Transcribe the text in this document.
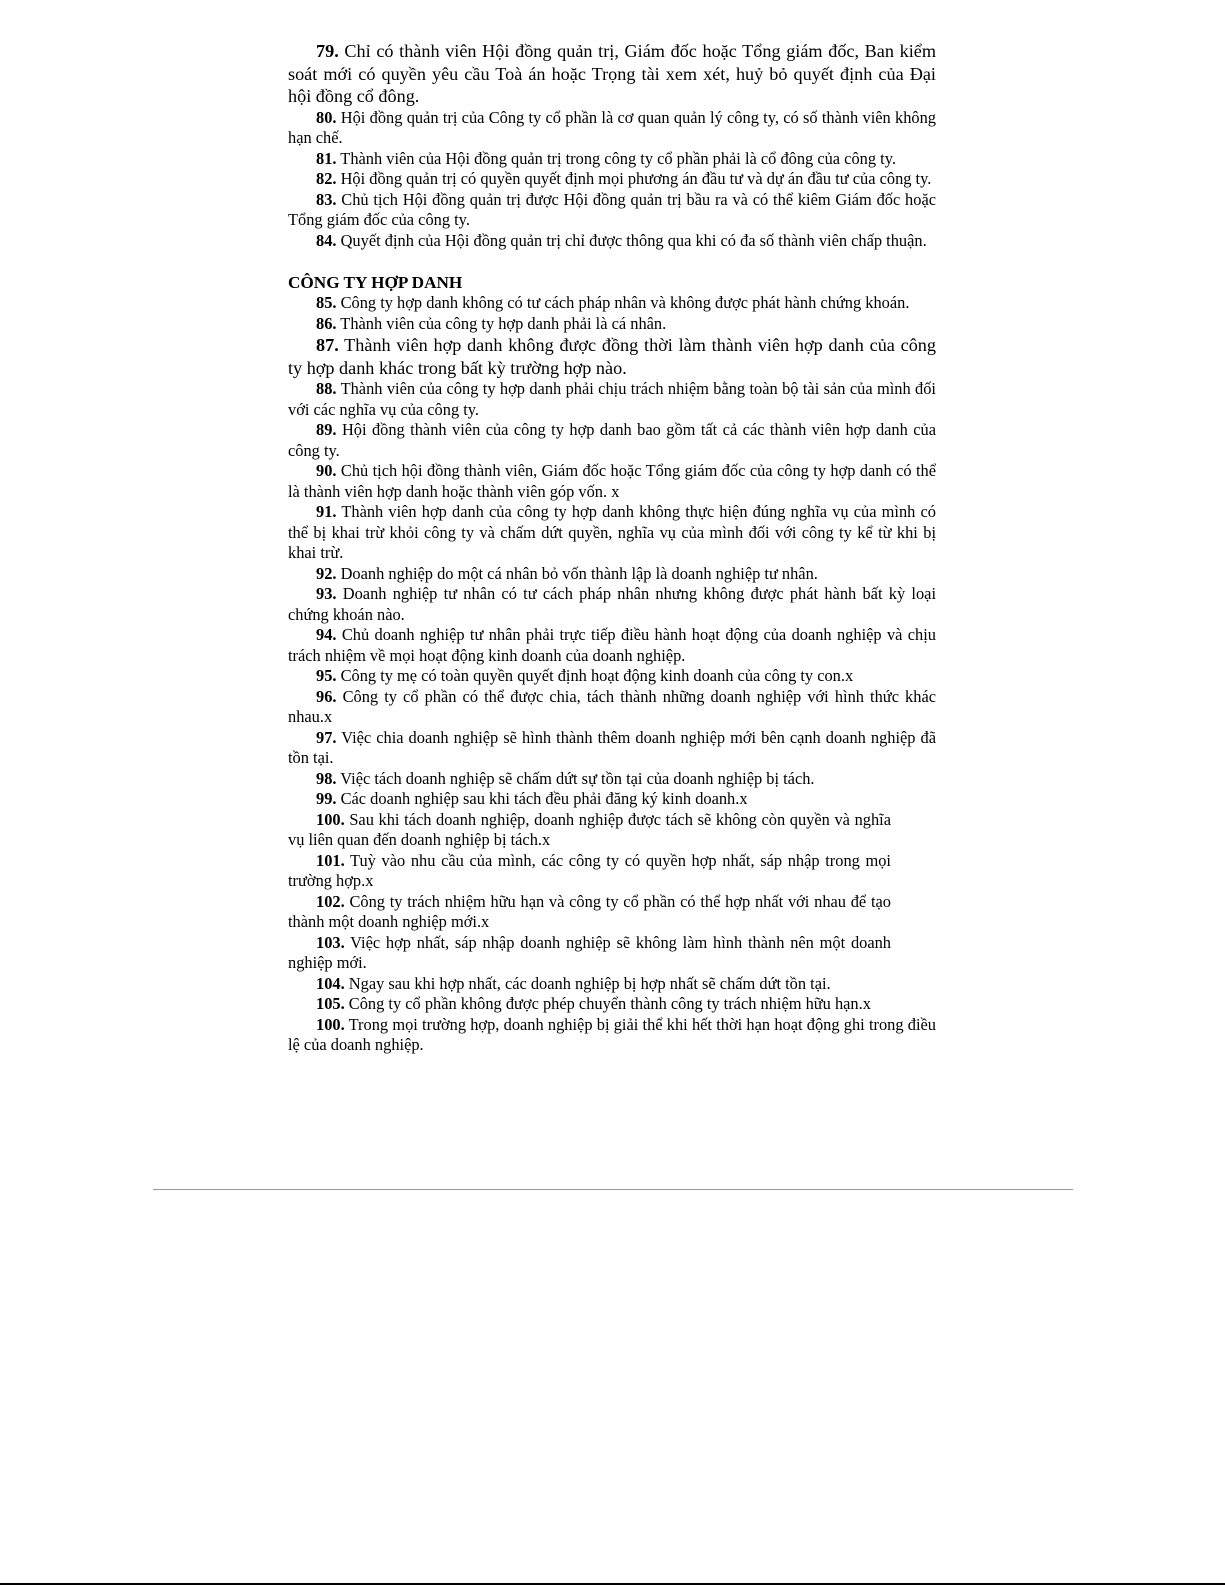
79. Chỉ có thành viên Hội đồng quản trị, Giám đốc hoặc Tổng giám đốc, Ban kiểm soát mới có quyền yêu cầu Toà án hoặc Trọng tài xem xét, huỷ bỏ quyết định của Đại hội đồng cổ đông.

80. Hội đồng quản trị của Công ty cổ phần là cơ quan quản lý công ty, có số thành viên không hạn chế.

81. Thành viên của Hội đồng quản trị trong công ty cổ phần phải là cổ đông của công ty.

82. Hội đồng quản trị có quyền quyết định mọi phương án đầu tư và dự án đầu tư của công ty.

83. Chủ tịch Hội đồng quản trị được Hội đồng quản trị bầu ra và có thể kiêm Giám đốc hoặc Tổng giám đốc của công ty.

84. Quyết định của Hội đồng quản trị chỉ được thông qua khi có đa số thành viên chấp thuận.

CÔNG TY HỢP DANH

85. Công ty hợp danh không có tư cách pháp nhân và không được phát hành chứng khoán.

86. Thành viên của công ty hợp danh phải là cá nhân.

87. Thành viên hợp danh không được đồng thời làm thành viên hợp danh của công ty hợp danh khác trong bất kỳ trường hợp nào.

88. Thành viên của công ty hợp danh phải chịu trách nhiệm bằng toàn bộ tài sản của mình đối với các nghĩa vụ của công ty.

89. Hội đồng thành viên của công ty hợp danh bao gồm tất cả các thành viên hợp danh của công ty.

90. Chủ tịch hội đồng thành viên, Giám đốc hoặc Tổng giám đốc của công ty hợp danh có thể là thành viên hợp danh hoặc thành viên góp vốn. x

91. Thành viên hợp danh của công ty hợp danh không thực hiện đúng nghĩa vụ của mình có thể bị khai trừ khỏi công ty và chấm dứt quyền, nghĩa vụ của mình đối với công ty kể từ khi bị khai trừ.

92. Doanh nghiệp do một cá nhân bỏ vốn thành lập là doanh nghiệp tư nhân.

93. Doanh nghiệp tư nhân có tư cách pháp nhân nhưng không được phát hành bất kỳ loại chứng khoán nào.

94. Chủ doanh nghiệp tư nhân phải trực tiếp điều hành hoạt động của doanh nghiệp và chịu trách nhiệm về mọi hoạt động kinh doanh của doanh nghiệp.

95. Công ty mẹ có toàn quyền quyết định hoạt động kinh doanh của công ty con.x

96. Công ty cổ phần có thể được chia, tách thành những doanh nghiệp với hình thức khác nhau.x

97. Việc chia doanh nghiệp sẽ hình thành thêm doanh nghiệp mới bên cạnh doanh nghiệp đã tồn tại.

98. Việc tách doanh nghiệp sẽ chấm dứt sự tồn tại của doanh nghiệp bị tách.

99. Các doanh nghiệp sau khi tách đều phải đăng ký kinh doanh.x

100. Sau khi tách doanh nghiệp, doanh nghiệp được tách sẽ không còn quyền và nghĩa vụ liên quan đến doanh nghiệp bị tách.x

101. Tuỳ vào nhu cầu của mình, các công ty có quyền hợp nhất, sáp nhập trong mọi trường hợp.x

102. Công ty trách nhiệm hữu hạn và công ty cổ phần có thể hợp nhất với nhau để tạo thành một doanh nghiệp mới.x

103. Việc hợp nhất, sáp nhập doanh nghiệp sẽ không làm hình thành nên một doanh nghiệp mới.

104. Ngay sau khi hợp nhất, các doanh nghiệp bị hợp nhất sẽ chấm dứt tồn tại.

105. Công ty cổ phần không được phép chuyển thành công ty trách nhiệm hữu hạn.x

100. Trong mọi trường hợp, doanh nghiệp bị giải thể khi hết thời hạn hoạt động ghi trong điều lệ của doanh nghiệp.
